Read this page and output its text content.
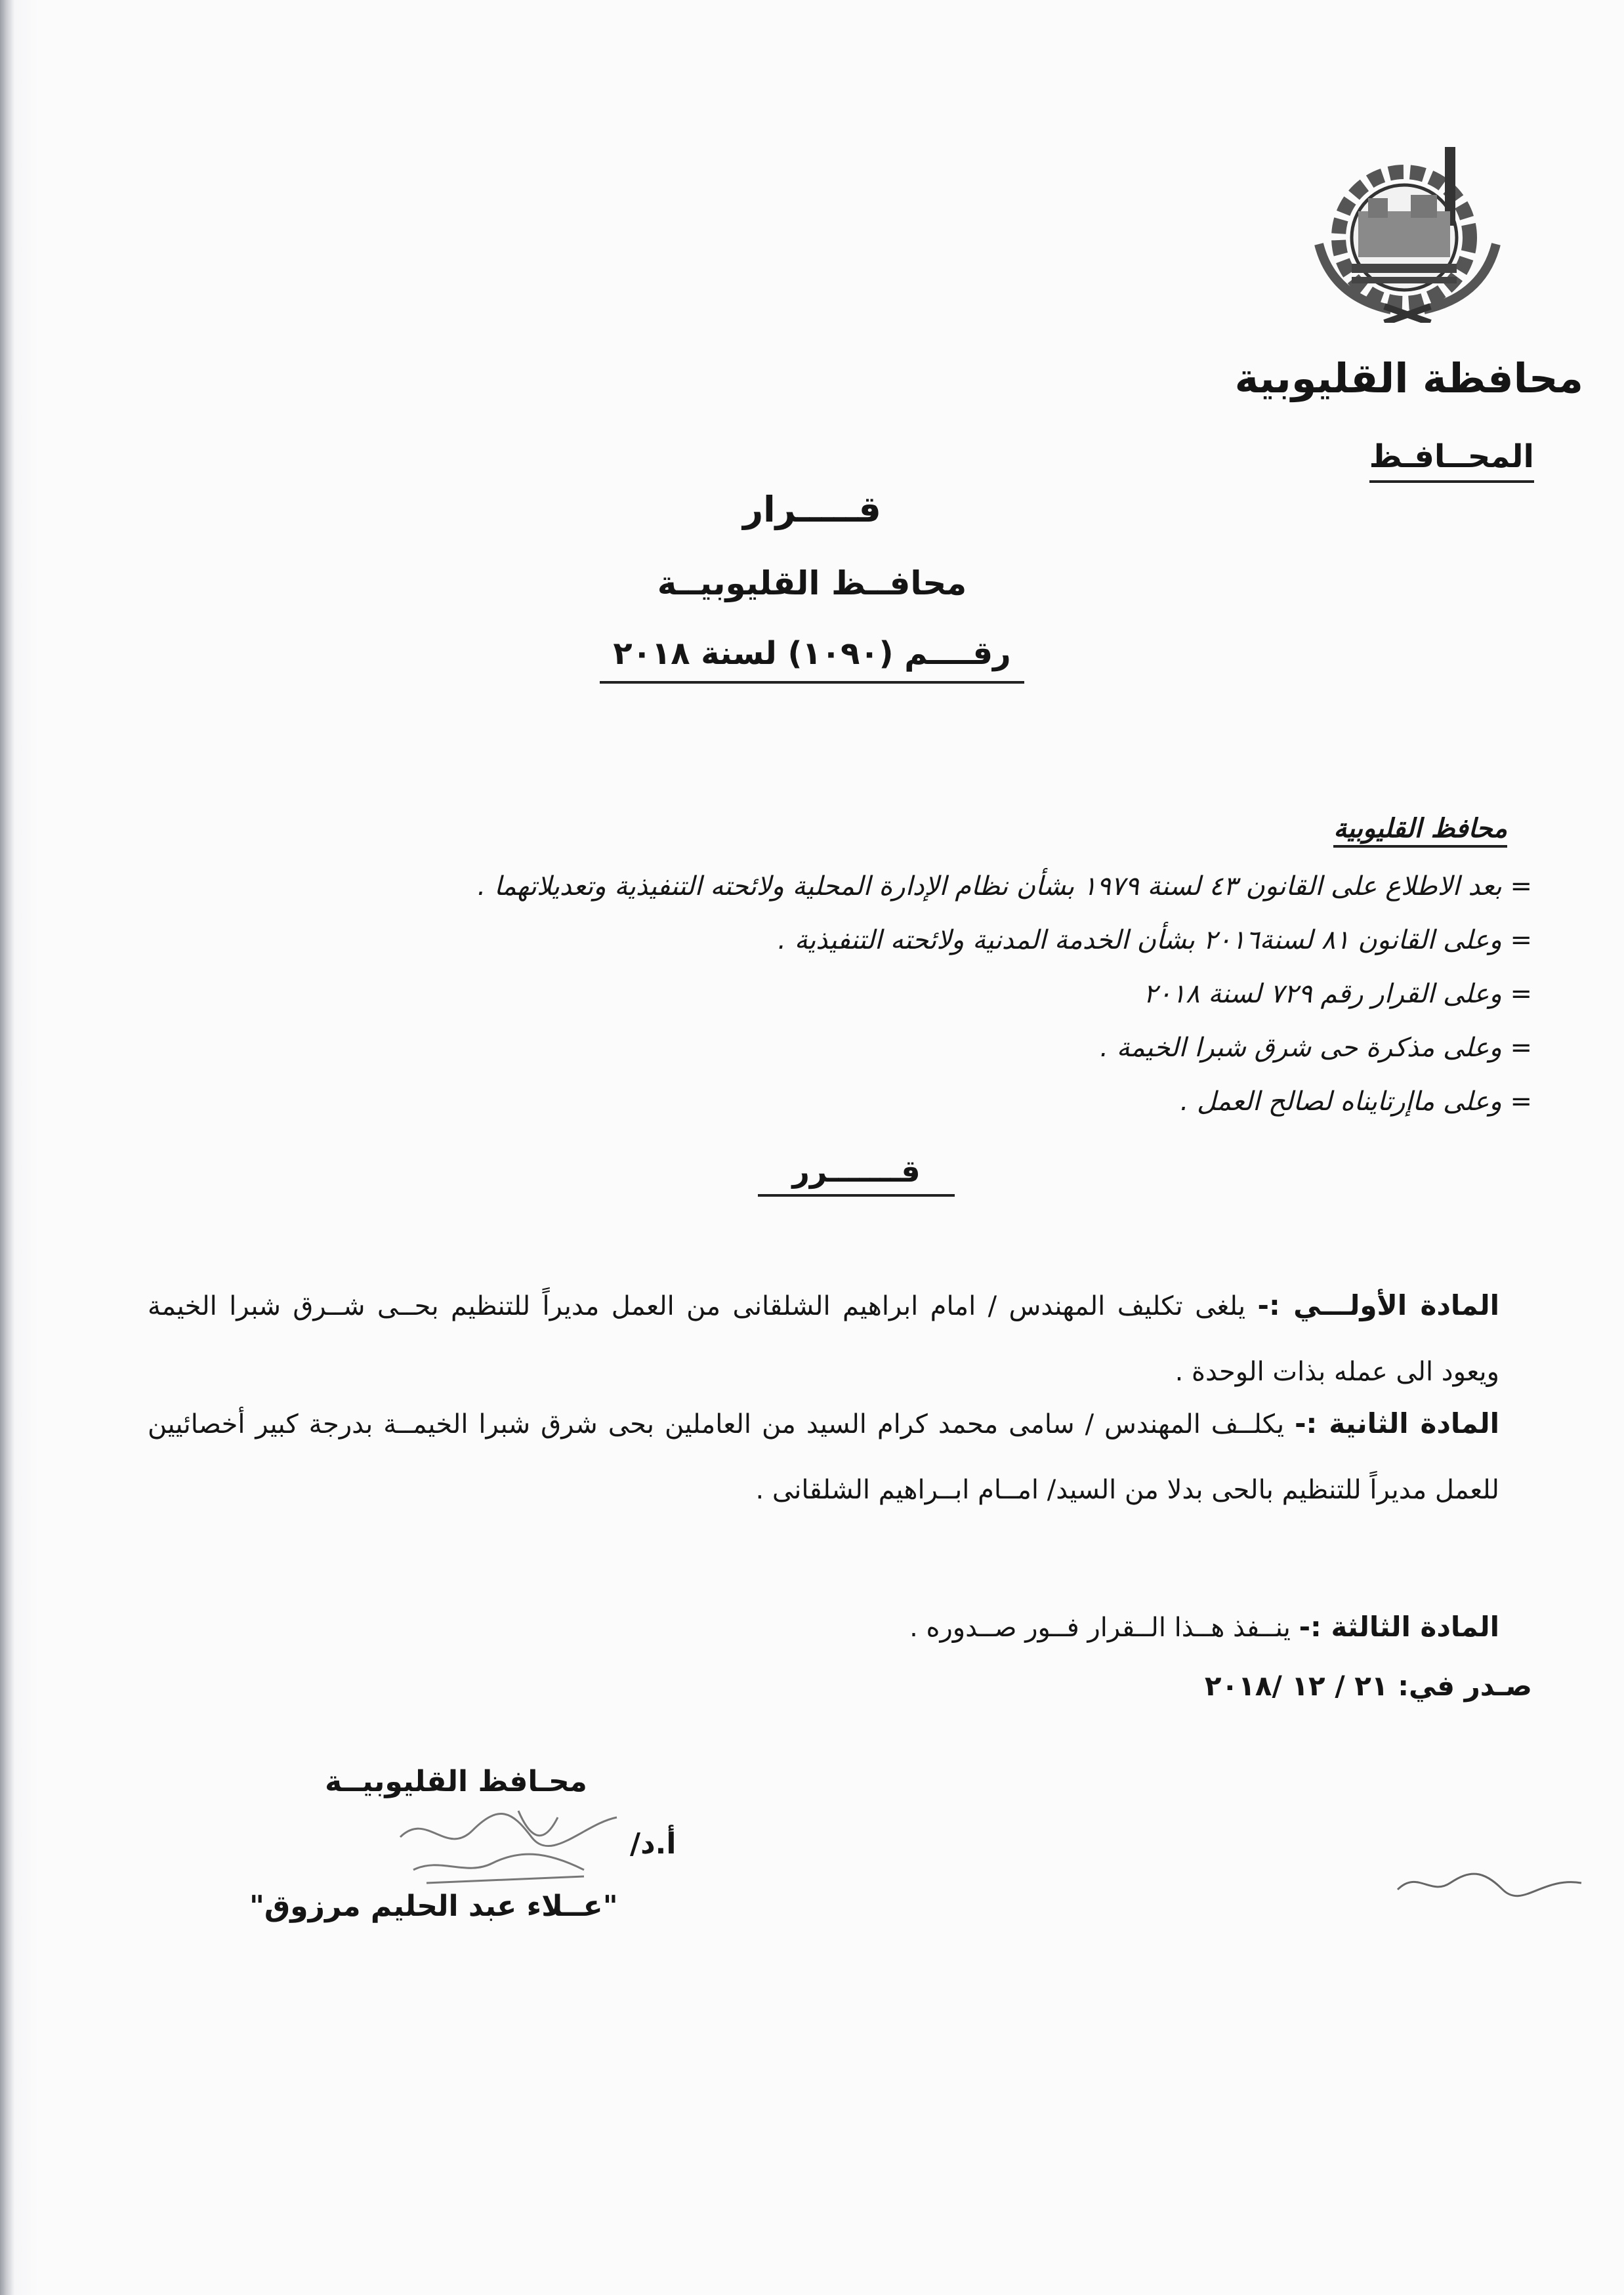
محافظة القليوبية
المحــافـظ
قـــــرار
محافــظ القليوبيــة
رقــــم (١٠٩٠) لسنة ٢٠١٨
محافظ القليوبية
= بعد الاطلاع على القانون ٤٣ لسنة ١٩٧٩ بشأن نظام الإدارة المحلية ولائحته التنفيذية وتعديلاتهما .
= وعلى القانون ٨١ لسنة٢٠١٦ بشأن الخدمة المدنية ولائحته التنفيذية .
= وعلى القرار رقم ٧٢٩ لسنة ٢٠١٨
= وعلى مذكرة حى شرق شبرا الخيمة .
= وعلى ماإرتايناه لصالح العمل .
قـــــــرر
المادة الأولـــي :- يلغى تكليف المهندس / امام ابراهيم الشلقانى من العمل مديراً للتنظيم بحــى شــرق شبرا الخيمة ويعود الى عمله بذات الوحدة .
المادة الثانية :- يكلــف المهندس / سامى محمد كرام السيد من العاملين بحى شرق شبرا الخيمــة بدرجة كبير أخصائيين للعمل مديراً للتنظيم بالحى بدلا من السيد/ امــام ابــراهيم الشلقانى .
المادة الثالثة :- ينــفذ هــذا الــقرار فــور صــدوره .
صـدر في: ٢١ / ١٢ /٢٠١٨
محـافظ القليوبيــة
أ.د/
"عــلاء عبد الحليم مرزوق"
